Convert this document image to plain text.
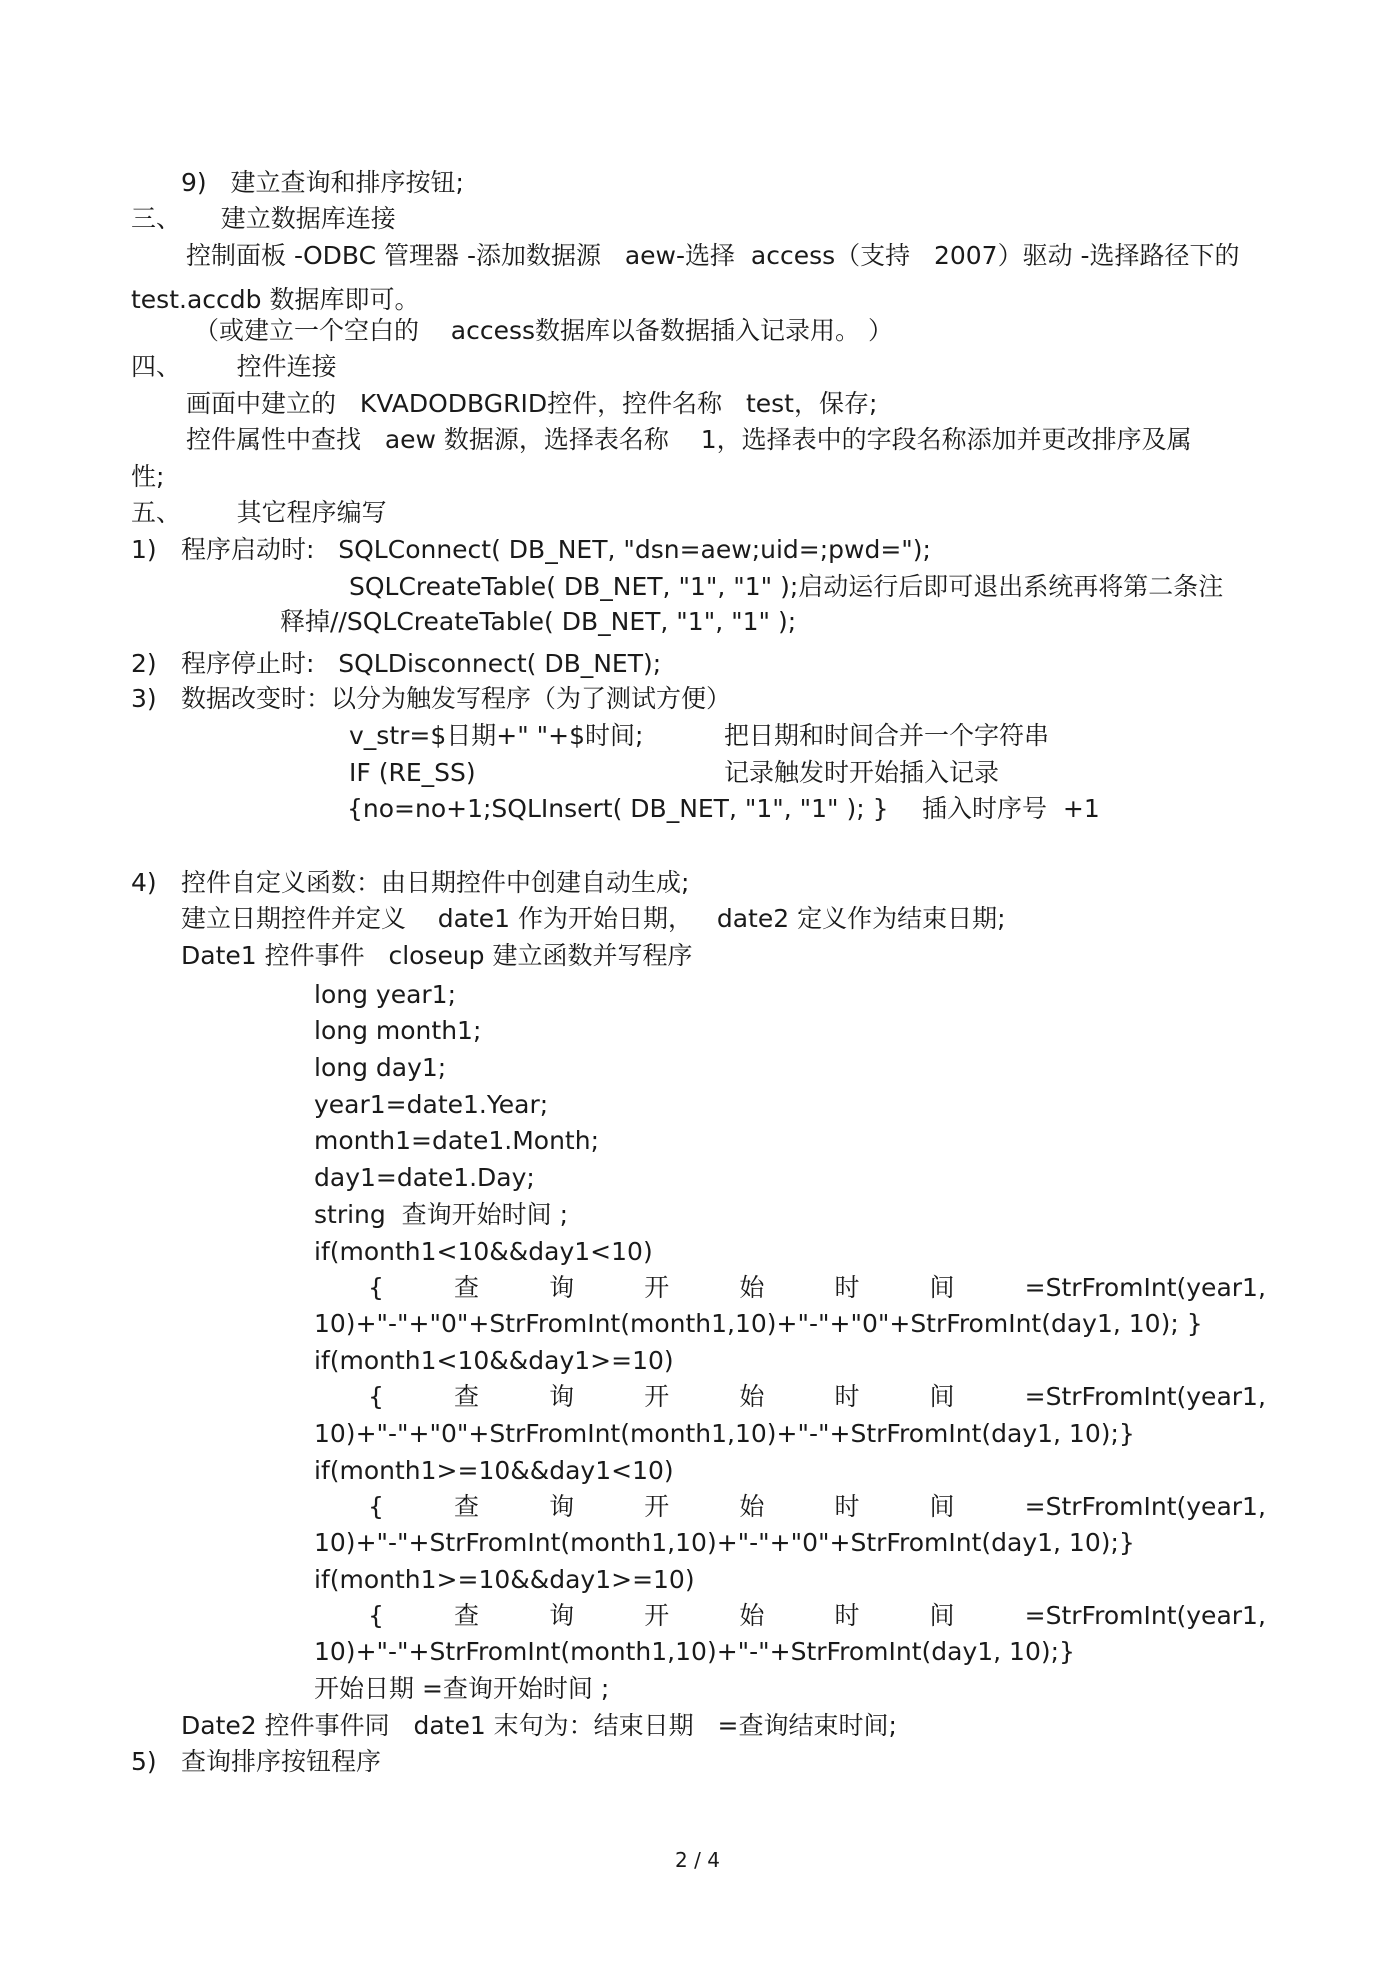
9)   建立查询和排序按钮;
三、     建立数据库连接
控制面板 -ODBC 管理器 -添加数据源   aew-选择  access（支持   2007）驱动 -选择路径下的
test.accdb 数据库即可。
（或建立一个空白的    access数据库以备数据插入记录用。 ）
四、       控件连接
画面中建立的   KVADODBGRID控件，控件名称   test，保存;
控件属性中查找   aew 数据源，选择表名称    1，选择表中的字段名称添加并更改排序及属
性;
五、       其它程序编写
1) 程序启动时:   SQLConnect( DB_NET, "dsn=aew;uid=;pwd=");
SQLCreateTable( DB_NET, "1", "1" );启动运行后即可退出系统再将第二条注
释掉//SQLCreateTable( DB_NET, "1", "1" );
2) 程序停止时:   SQLDisconnect( DB_NET);
3) 数据改变时：以分为触发写程序（为了测试方便）
v_str=$日期+" "+$时间;	把日期和时间合并一个字符串
IF (RE_SS)	记录触发时开始插入记录
{no=no+1;SQLInsert( DB_NET, "1", "1" ); } 插入时序号  +1
4) 控件自定义函数：由日期控件中创建自动生成;
建立日期控件并定义    date1 作为开始日期，   date2 定义作为结束日期;
Date1 控件事件   closeup 建立函数并写程序
long year1;
long month1;
long day1;
year1=date1.Year;
month1=date1.Month;
day1=date1.Day;
string  查询开始时间 ;
if(month1<10&&day1<10)
{	查	询	开	始	时	间	=StrFromInt(year1,
10)+"-"+"0"+StrFromInt(month1,10)+"-"+"0"+StrFromInt(day1, 10); }
if(month1<10&&day1>=10)
{	查	询	开	始	时	间	=StrFromInt(year1,
10)+"-"+"0"+StrFromInt(month1,10)+"-"+StrFromInt(day1, 10);}
if(month1>=10&&day1<10)
{	查	询	开	始	时	间	=StrFromInt(year1,
10)+"-"+StrFromInt(month1,10)+"-"+"0"+StrFromInt(day1, 10);}
if(month1>=10&&day1>=10)
{	查	询	开	始	时	间	=StrFromInt(year1,
10)+"-"+StrFromInt(month1,10)+"-"+StrFromInt(day1, 10);}
开始日期 =查询开始时间 ;
Date2 控件事件同   date1 末句为：结束日期   =查询结束时间;
5) 查询排序按钮程序
2 / 4
